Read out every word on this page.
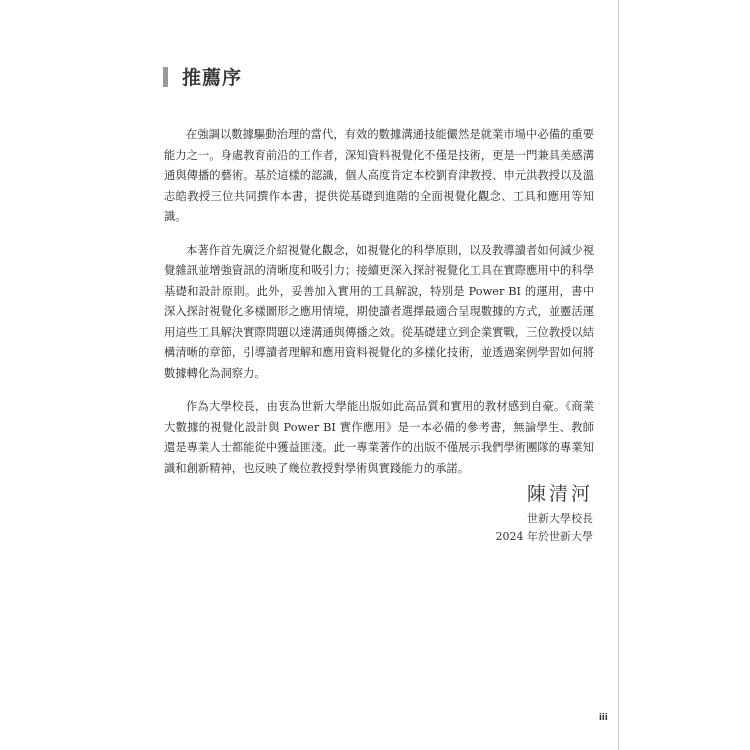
推薦序

在強調以數據驅動治理的當代，有效的數據溝通技能儼然是就業市場中必備的重要能力之一。身處教育前沿的工作者，深知資料視覺化不僅是技術，更是一門兼具美感溝通與傳播的藝術。基於這樣的認識，個人高度肯定本校劉育津教授、申元洪教授以及溫志皓教授三位共同撰作本書，提供從基礎到進階的全面視覺化觀念、工具和應用等知識。

本著作首先廣泛介紹視覺化觀念，如視覺化的科學原則，以及教導讀者如何減少視覺雜訊並增強資訊的清晰度和吸引力；接續更深入探討視覺化工具在實際應用中的科學基礎和設計原則。此外，妥善加入實用的工具解說，特別是 Power BI 的運用，書中深入探討視覺化多樣圖形之應用情境，期使讀者選擇最適合呈現數據的方式，並靈活運用這些工具解決實際問題以達溝通與傳播之效。從基礎建立到企業實戰，三位教授以結構清晰的章節，引導讀者理解和應用資料視覺化的多樣化技術，並透過案例學習如何將數據轉化為洞察力。

作為大學校長，由衷為世新大學能出版如此高品質和實用的教材感到自豪。《商業大數據的視覺化設計與 Power BI 實作應用》是一本必備的參考書，無論學生、教師還是專業人士都能從中獲益匪淺。此一專業著作的出版不僅展示我們學術團隊的專業知識和創新精神，也反映了幾位教授對學術與實踐能力的承諾。

陳清河
世新大學校長
2024 年於世新大學
iii
